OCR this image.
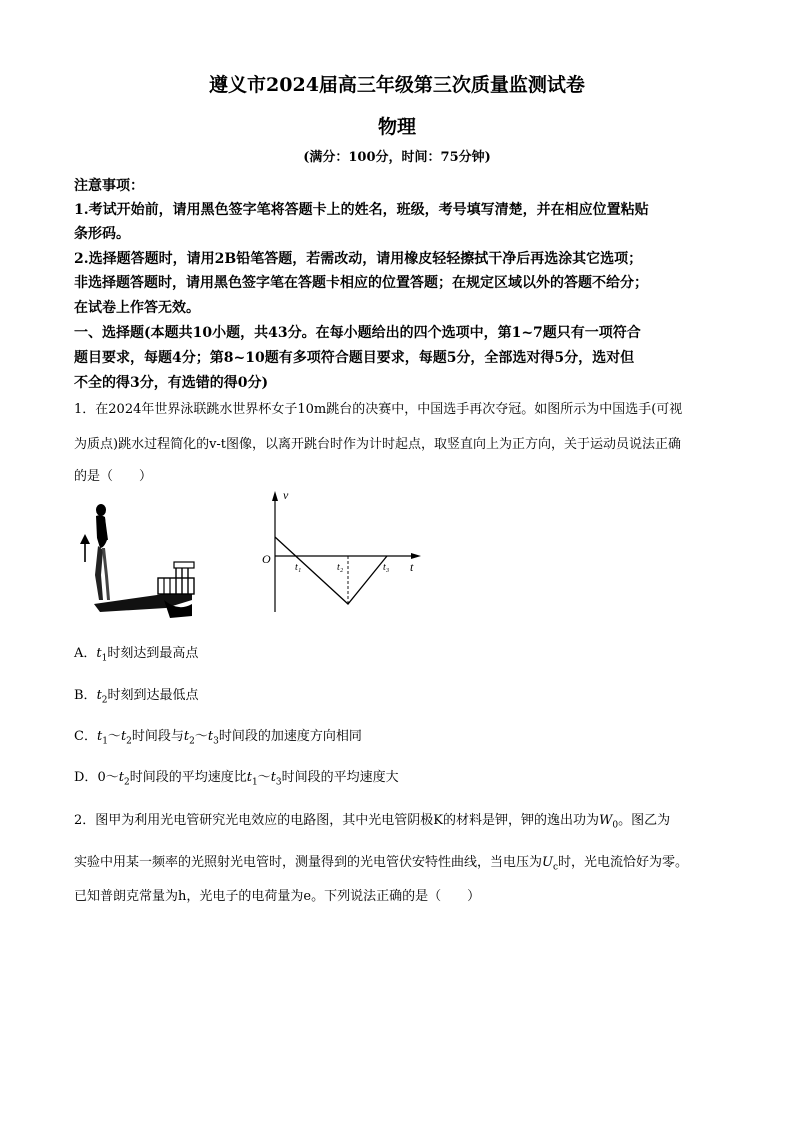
遵义市2024届高三年级第三次质量监测试卷
物理
(满分：100分，时间：75分钟)
注意事项：
1.考试开始前，请用黑色签字笔将答题卡上的姓名，班级，考号填写清楚，并在相应位置粘贴
条形码。
2.选择题答题时，请用2B铅笔答题，若需改动，请用橡皮轻轻擦拭干净后再选涂其它选项；
非选择题答题时，请用黑色签字笔在答题卡相应的位置答题；在规定区域以外的答题不给分；
在试卷上作答无效。
一、选择题(本题共10小题，共43分。在每小题给出的四个选项中，第1~7题只有一项符合
题目要求，每题4分；第8~10题有多项符合题目要求，每题5分，全部选对得5分，选对但
不全的得3分，有选错的得0分)
1．在2024年世界泳联跳水世界杯女子10m跳台的决赛中，中国选手再次夺冠。如图所示为中国选手(可视
为质点)跳水过程简化的v-t图像，以离开跳台时作为计时起点，取竖直向上为正方向，关于运动员说法正确
的是（　　）
v
O
t₁	t₂	t₃ t
A．$t_1$时刻达到最高点
B．$t_2$时刻到达最低点
C．$t_1\sim t_2$时间段与$t_2\sim t_3$时间段的加速度方向相同
D．$0\sim t_2$时间段的平均速度比$t_1\sim t_3$时间段的平均速度大
2．图甲为利用光电管研究光电效应的电路图，其中光电管阴极K的材料是钾，钾的逸出功为$W_0$。图乙为
实验中用某一频率的光照射光电管时，测量得到的光电管伏安特性曲线，当电压为$U_c$时，光电流恰好为零。
已知普朗克常量为h，光电子的电荷量为e。下列说法正确的是（　　）
